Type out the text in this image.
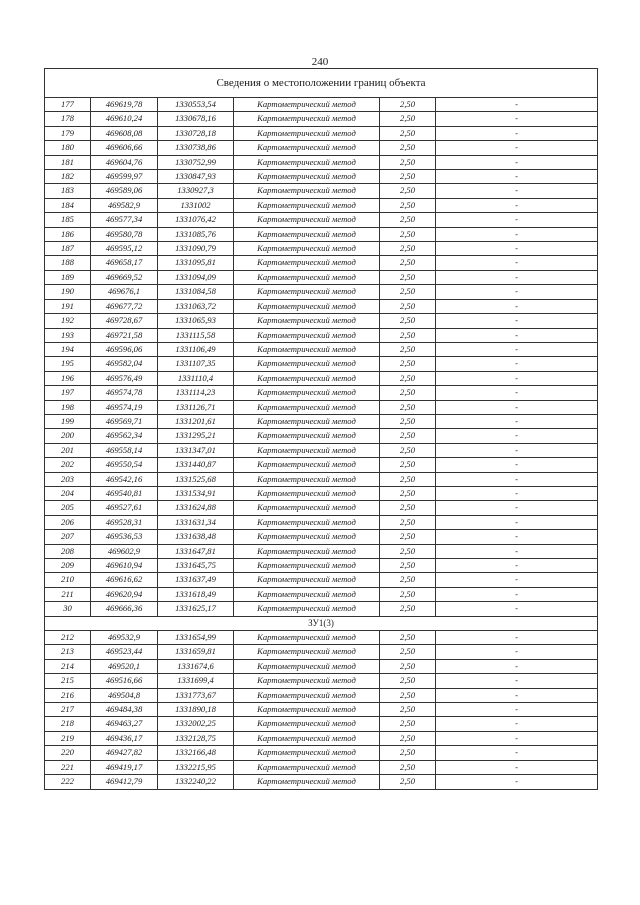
240
Сведения о местоположении границ объекта					
177	469619,78	1330553,54	Картометрический метод	2,50	-
178	469610,24	1330678,16	Картометрический метод	2,50	-
179	469608,08	1330728,18	Картометрический метод	2,50	-
180	469606,66	1330738,86	Картометрический метод	2,50	-
181	469604,76	1330752,99	Картометрический метод	2,50	-
182	469599,97	1330847,93	Картометрический метод	2,50	-
183	469589,06	1330927,3	Картометрический метод	2,50	-
184	469582,9	1331002	Картометрический метод	2,50	-
185	469577,34	1331076,42	Картометрический метод	2,50	-
186	469580,78	1331085,76	Картометрический метод	2,50	-
187	469595,12	1331090,79	Картометрический метод	2,50	-
188	469658,17	1331095,81	Картометрический метод	2,50	-
189	469669,52	1331094,09	Картометрический метод	2,50	-
190	469676,1	1331084,58	Картометрический метод	2,50	-
191	469677,72	1331063,72	Картометрический метод	2,50	-
192	469728,67	1331065,93	Картометрический метод	2,50	-
193	469721,58	1331115,58	Картометрический метод	2,50	-
194	469596,06	1331106,49	Картометрический метод	2,50	-
195	469582,04	1331107,35	Картометрический метод	2,50	-
196	469576,49	1331110,4	Картометрический метод	2,50	-
197	469574,78	1331114,23	Картометрический метод	2,50	-
198	469574,19	1331126,71	Картометрический метод	2,50	-
199	469569,71	1331201,61	Картометрический метод	2,50	-
200	469562,34	1331295,21	Картометрический метод	2,50	-
201	469558,14	1331347,01	Картометрический метод	2,50	-
202	469550,54	1331440,87	Картометрический метод	2,50	-
203	469542,16	1331525,68	Картометрический метод	2,50	-
204	469540,81	1331534,91	Картометрический метод	2,50	-
205	469527,61	1331624,88	Картометрический метод	2,50	-
206	469528,31	1331631,34	Картометрический метод	2,50	-
207	469536,53	1331638,48	Картометрический метод	2,50	-
208	469602,9	1331647,81	Картометрический метод	2,50	-
209	469610,94	1331645,75	Картометрический метод	2,50	-
210	469616,62	1331637,49	Картометрический метод	2,50	-
211	469620,94	1331618,49	Картометрический метод	2,50	-
30	469666,36	1331625,17	Картометрический метод	2,50	-
ЗУ1(3)					
212	469532,9	1331654,99	Картометрический метод	2,50	-
213	469523,44	1331659,81	Картометрический метод	2,50	-
214	469520,1	1331674,6	Картометрический метод	2,50	-
215	469516,66	1331699,4	Картометрический метод	2,50	-
216	469504,8	1331773,67	Картометрический метод	2,50	-
217	469484,38	1331890,18	Картометрический метод	2,50	-
218	469463,27	1332002,25	Картометрический метод	2,50	-
219	469436,17	1332128,75	Картометрический метод	2,50	-
220	469427,82	1332166,48	Картометрический метод	2,50	-
221	469419,17	1332215,95	Картометрический метод	2,50	-
222	469412,79	1332240,22	Картометрический метод	2,50	-
